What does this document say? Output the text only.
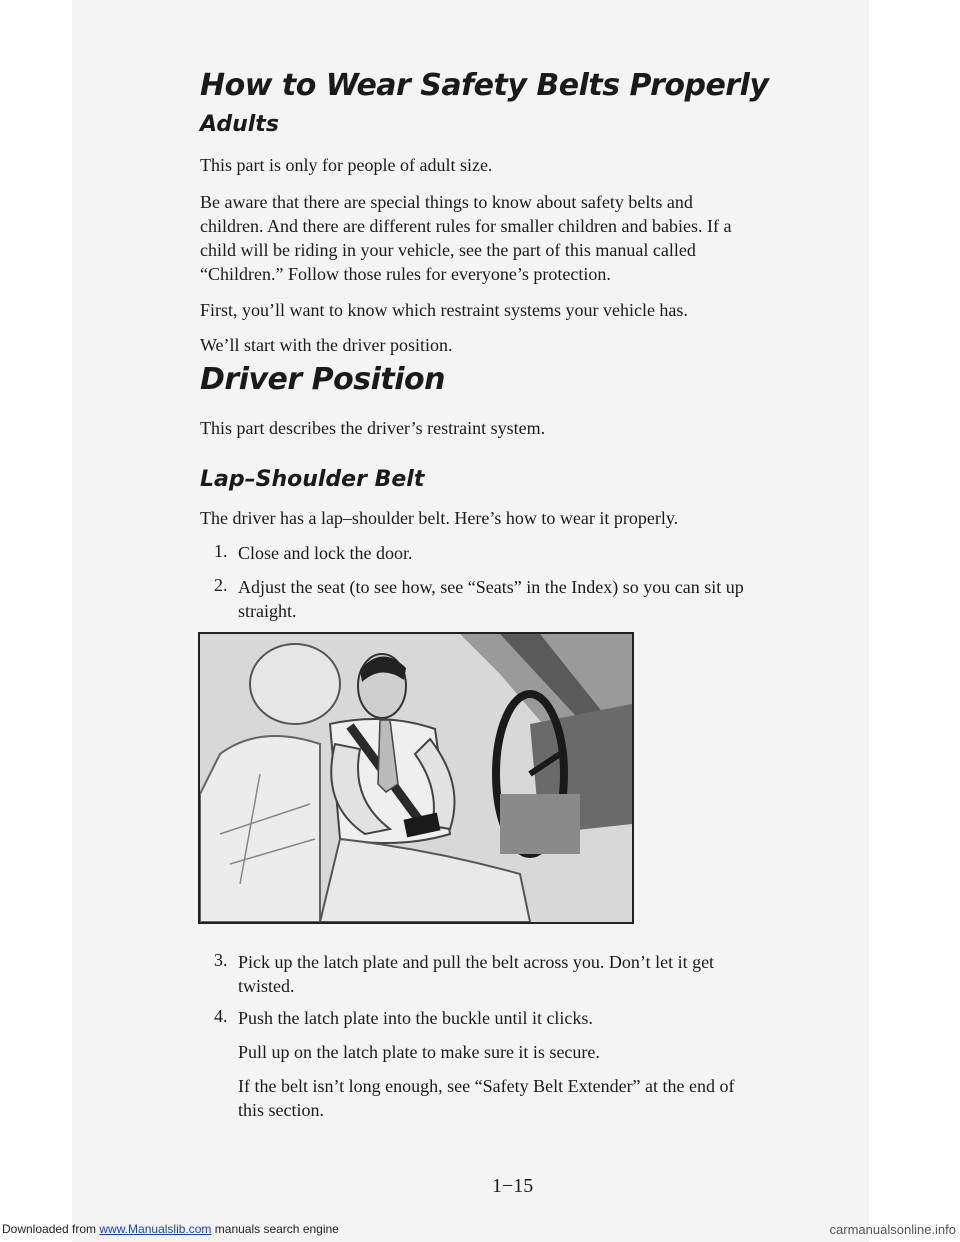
How to Wear Safety Belts Properly
Adults

This part is only for people of adult size.

Be aware that there are special things to know about safety belts and

children. And there are different rules for smaller children and babies. If a

child will be riding in your vehicle, see the part of this manual called

“Children.” Follow those rules for everyone’s protection.

First, you’ll want to know which restraint systems your vehicle has.

We’ll start with the driver position.

Driver Position

This part describes the driver’s restraint system.

Lap–Shoulder Belt

The driver has a lap–shoulder belt. Here’s how to wear it properly.

1. Close and lock the door.

2. Adjust the seat (to see how, see “Seats” in the Index) so you can sit up

straight.

3. Pick up the latch plate and pull the belt across you. Don’t let it get

twisted.

4. Push the latch plate into the buckle until it clicks.

Pull up on the latch plate to make sure it is secure.

If the belt isn’t long enough, see “Safety Belt Extender” at the end of

this section.

1−15
Downloaded from www.Manualslib.com manuals search engine	carmanualsonline.info
